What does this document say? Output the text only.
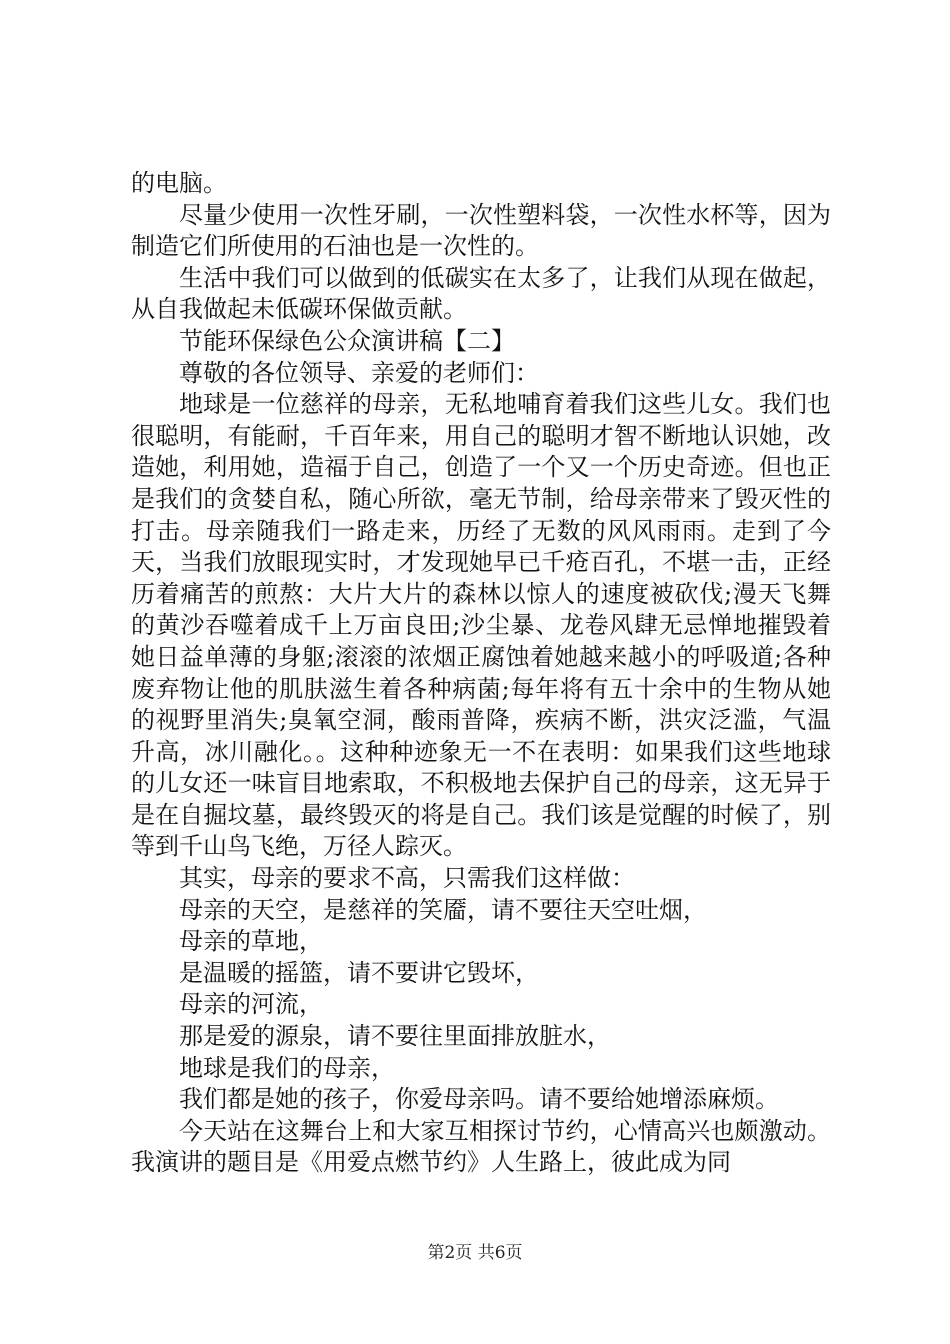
的电脑。

尽量少使用一次性牙刷，一次性塑料袋，一次性水杯等，因为制造它们所使用的石油也是一次性的。

生活中我们可以做到的低碳实在太多了，让我们从现在做起，从自我做起未低碳环保做贡献。

节能环保绿色公众演讲稿【二】

尊敬的各位领导、亲爱的老师们：

地球是一位慈祥的母亲，无私地哺育着我们这些儿女。我们也很聪明，有能耐，千百年来，用自己的聪明才智不断地认识她，改造她，利用她，造福于自己，创造了一个又一个历史奇迹。但也正是我们的贪婪自私，随心所欲，毫无节制，给母亲带来了毁灭性的打击。母亲随我们一路走来，历经了无数的风风雨雨。走到了今天，当我们放眼现实时，才发现她早已千疮百孔，不堪一击，正经历着痛苦的煎熬：大片大片的森林以惊人的速度被砍伐;漫天飞舞的黄沙吞噬着成千上万亩良田;沙尘暴、龙卷风肆无忌惮地摧毁着她日益单薄的身躯;滚滚的浓烟正腐蚀着她越来越小的呼吸道;各种废弃物让他的肌肤滋生着各种病菌;每年将有五十余中的生物从她的视野里消失;臭氧空洞，酸雨普降，疾病不断，洪灾泛滥，气温升高，冰川融化。。这种种迹象无一不在表明：如果我们这些地球的儿女还一味盲目地索取，不积极地去保护自己的母亲，这无异于是在自掘坟墓，最终毁灭的将是自己。我们该是觉醒的时候了，别等到千山鸟飞绝，万径人踪灭。

其实，母亲的要求不高，只需我们这样做：

母亲的天空，是慈祥的笑靥，请不要往天空吐烟，

母亲的草地，

是温暖的摇篮，请不要讲它毁坏，

母亲的河流，

那是爱的源泉，请不要往里面排放脏水，

地球是我们的母亲，

我们都是她的孩子，你爱母亲吗。请不要给她增添麻烦。

今天站在这舞台上和大家互相探讨节约，心情高兴也颇激动。我演讲的题目是《用爱点燃节约》人生路上，彼此成为同

第2页 共6页
